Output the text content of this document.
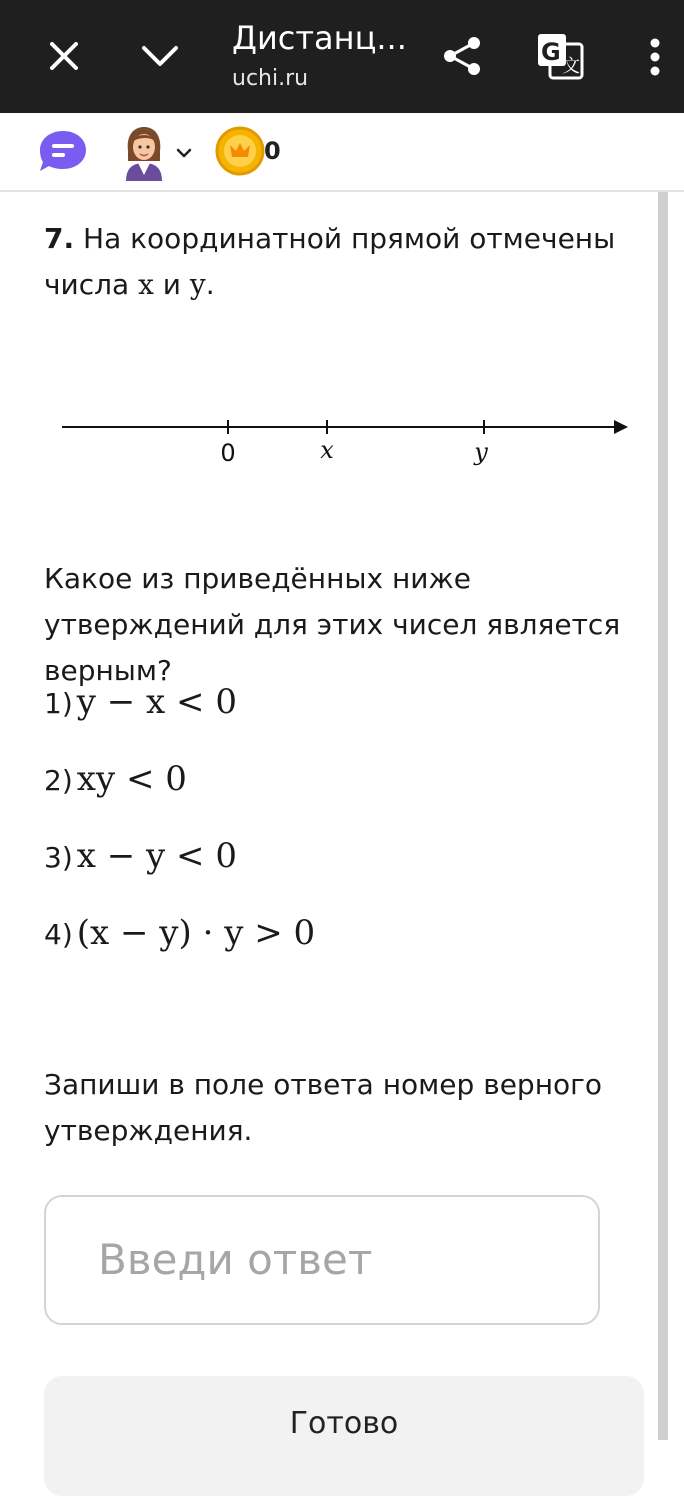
Дистанц...
uchi.ru
G
文
0
7. На координатной прямой отмечены числа x и y.
0	x	y
Какое из приведённых ниже утверждений для этих чисел является верным?
1) y − x < 0
2) xy < 0
3) x − y < 0
4) (x − y) · y > 0
Запиши в поле ответа номер верного утверждения.
Введи ответ
Готово
